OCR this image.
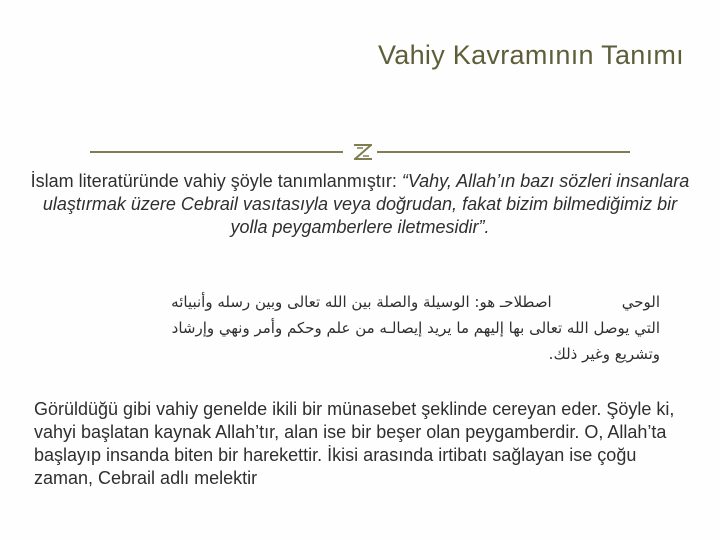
Vahiy Kavramının Tanımı
İslam literatüründe vahiy şöyle tanımlanmıştır: “Vahy, Allah’ın bazı sözleri insanlara ulaştırmak üzere Cebrail vasıtasıyla veya doğrudan, fakat bizim bilmediğimiz bir yolla peygamberlere iletmesidir”.
الوحياصطلاحـ هو: الوسيلة والصلة بين الله تعالى وبين رسله وأنبيائه
التي يوصل الله تعالى بها إليهم ما يريد إيصالـه من علم وحكم وأمر ونهي وإرشاد
وتشريع وغير ذلك.
Görüldüğü gibi vahiy genelde ikili bir münasebet şeklinde cereyan eder. Şöyle ki, vahyi başlatan kaynak Allah’tır, alan ise bir beşer olan peygamberdir. O, Allah’ta başlayıp insanda biten bir harekettir. İkisi arasında irtibatı sağlayan ise çoğu zaman, Cebrail adlı melektir
